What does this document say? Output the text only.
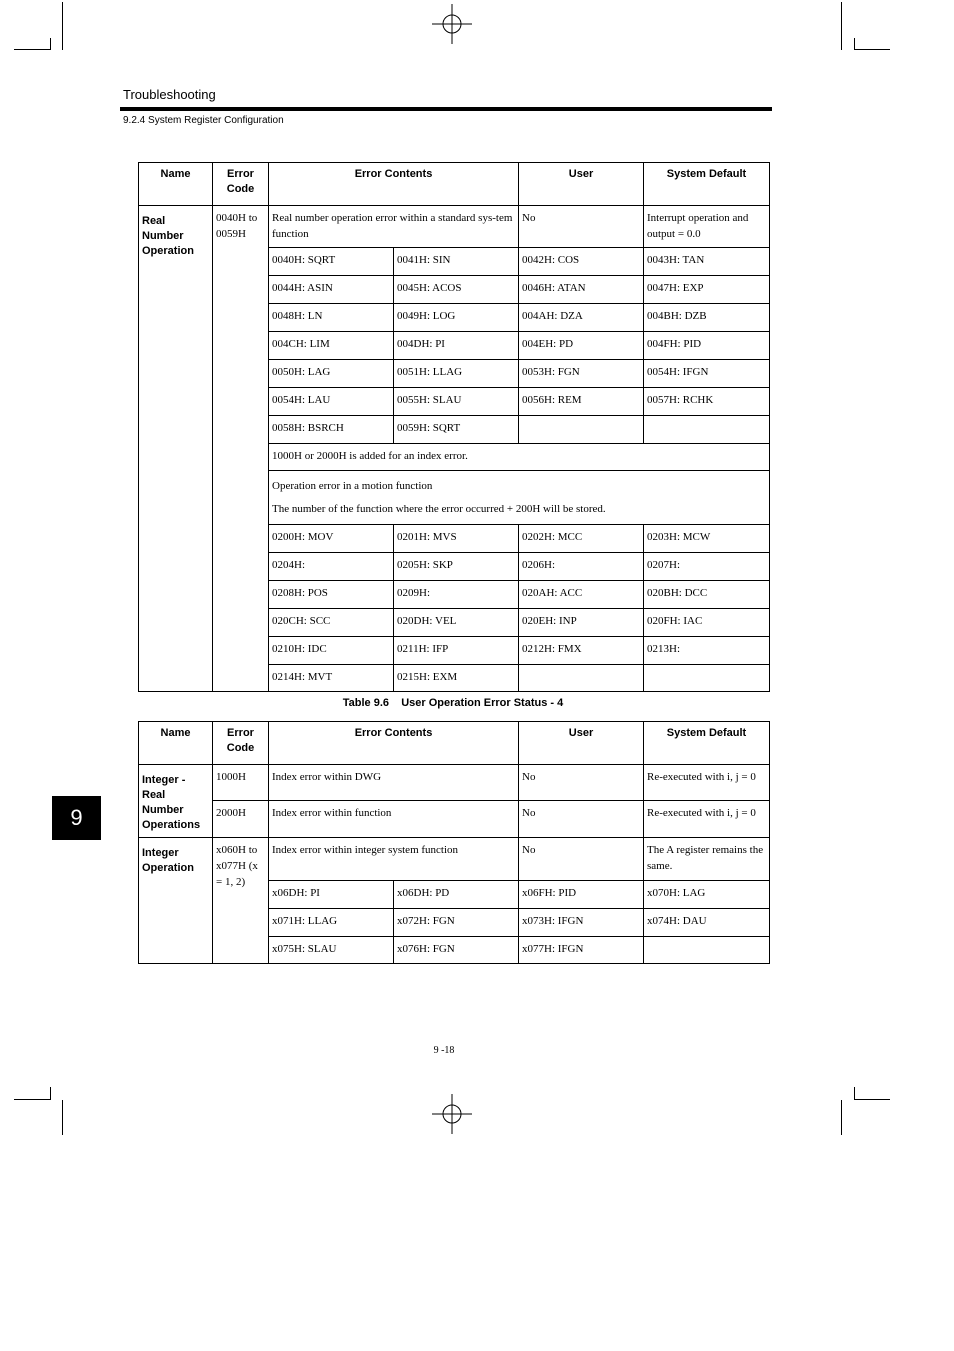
Troubleshooting
9.2.4 System Register Configuration
Name	Error Code	Error Contents		User	System Default
Real Number Operation	0040H to 0059H	Real number operation error within a standard sys-tem function		No	Interrupt operation and output = 0.0
		0040H: SQRT	0041H: SIN	0042H: COS	0043H: TAN
		0044H: ASIN	0045H: ACOS	0046H: ATAN	0047H: EXP
		0048H: LN	0049H: LOG	004AH: DZA	004BH: DZB
		004CH: LIM	004DH: PI	004EH: PD	004FH: PID
		0050H: LAG	0051H: LLAG	0053H: FGN	0054H: IFGN
		0054H: LAU	0055H: SLAU	0056H: REM	0057H: RCHK
		0058H: BSRCH	0059H: SQRT		
		1000H or 2000H is added for an index error.			

		Operation error in a motion function
The number of the function where the error occurred + 200H will be stored.			

		0200H: MOV	0201H: MVS	0202H: MCC	0203H: MCW
		0204H:	0205H: SKP	0206H:	0207H:
		0208H: POS	0209H:	020AH: ACC	020BH: DCC
		020CH: SCC	020DH: VEL	020EH: INP	020FH: IAC
		0210H: IDC	0211H: IFP	0212H: FMX	0213H:
		0214H: MVT	0215H: EXM		
Table 9.6    User Operation Error Status - 4
Name	Error Code	Error Contents		User	System Default
Integer - Real Number Operations	1000H	Index error within DWG		No	Re-executed with i, j = 0
	2000H	Index error within function		No	Re-executed with i, j = 0
Integer Operation	x060H to x077H (x = 1, 2)	Index error within integer system function		No	The A register remains the same.
		x06DH: PI	x06DH: PD	x06FH: PID	x070H: LAG
		x071H: LLAG	x072H: FGN	x073H: IFGN	x074H: DAU
		x075H: SLAU	x076H: FGN	x077H: IFGN	
9
9 -18
